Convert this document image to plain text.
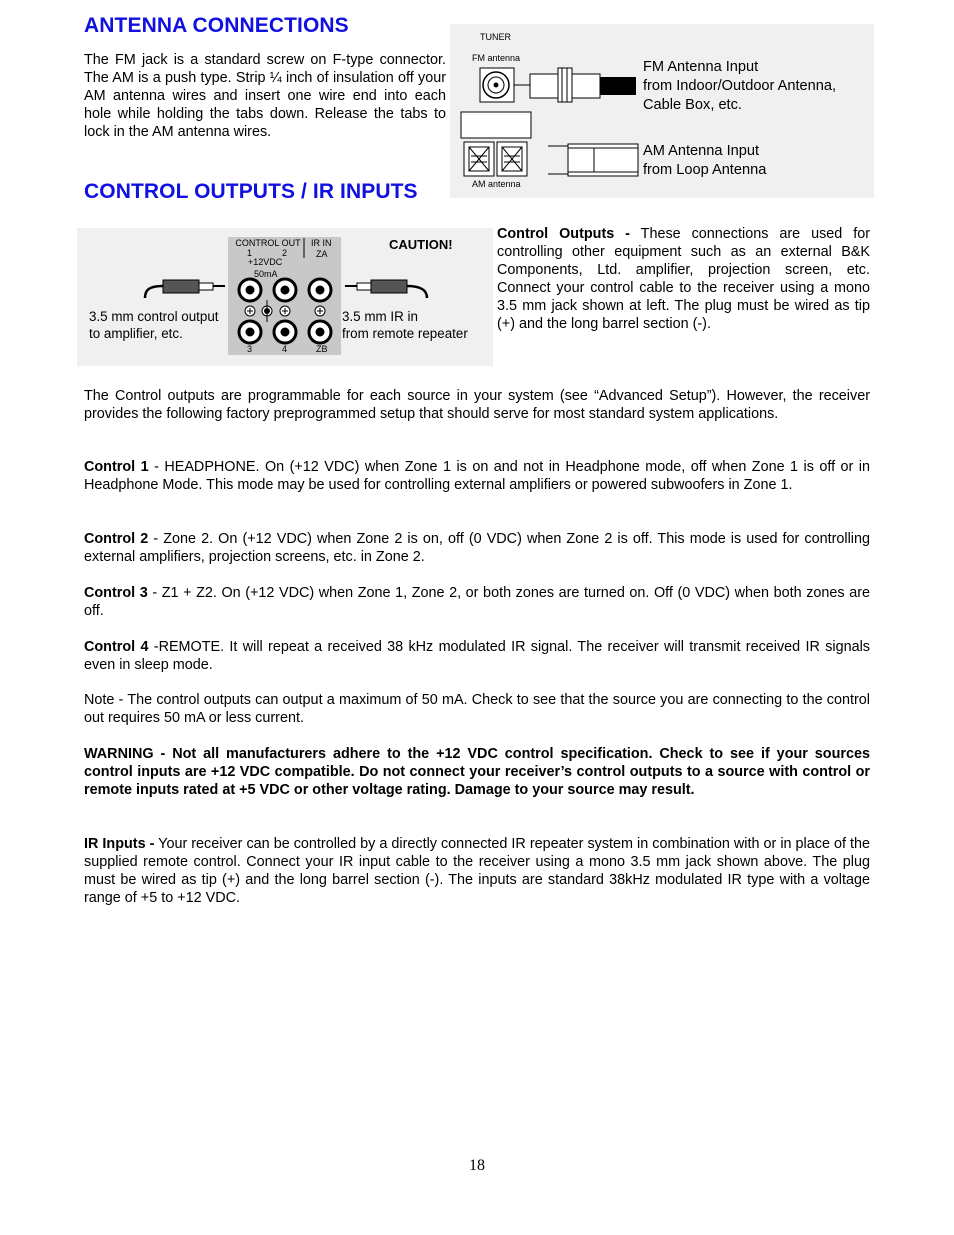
ANTENNA CONNECTIONS

The FM jack is a standard screw on F-type connector. The AM is a push type. Strip ¼ inch of insulation off your AM antenna wires and insert one wire end into each hole while holding the tabs down. Release the tabs to lock in the AM antenna wires.

TUNER
FM antenna
AM antenna
FM Antenna Input
from Indoor/Outdoor Antenna,
Cable Box, etc.
AM Antenna Input
from Loop Antenna
CONTROL OUTPUTS / IR INPUTS
CONTROL OUT
1	2
+12VDC
50mA
IR IN
ZA
3	4	ZB
CAUTION!
3.5 mm control output
to amplifier, etc.
3.5 mm IR in
from remote repeater

Control Outputs - These connections are used for controlling other equipment such as an external B&K Components, Ltd. amplifier, projection screen, etc. Connect your control cable to the receiver using a mono 3.5 mm jack shown at left. The plug must be wired as tip (+) and the long barrel section (-).

The Control outputs are programmable for each source in your system (see “Advanced Setup”). However, the receiver provides the following factory preprogrammed setup that should serve for most standard system applications.

Control 1 - HEADPHONE. On (+12 VDC) when Zone 1 is on and not in Headphone mode, off when Zone 1 is off or in Headphone Mode. This mode may be used for controlling external amplifiers or powered subwoofers in Zone 1.

Control 2 - Zone 2. On (+12 VDC) when Zone 2 is on, off (0 VDC) when Zone 2 is off. This mode is used for controlling external amplifiers, projection screens, etc. in Zone 2.

Control 3 - Z1 + Z2. On (+12 VDC) when Zone 1, Zone 2, or both zones are turned on. Off (0 VDC) when both zones are off.

Control 4 -REMOTE. It will repeat a received 38 kHz modulated IR signal. The receiver will transmit received IR signals even in sleep mode.

Note - The control outputs can output a maximum of 50 mA. Check to see that the source you are connecting to the control out requires 50 mA or less current.

WARNING - Not all manufacturers adhere to the +12 VDC control specification. Check to see if your sources control inputs are +12 VDC compatible. Do not connect your receiver’s control outputs to a source with control or remote inputs rated at +5 VDC or other voltage rating. Damage to your source may result.

IR Inputs - Your receiver can be controlled by a directly connected IR repeater system in combination with or in place of the supplied remote control. Connect your IR input cable to the receiver using a mono 3.5 mm jack shown above. The plug must be wired as tip (+) and the long barrel section (-). The inputs are standard 38kHz modulated IR type with a voltage range of +5 to +12 VDC.

18
